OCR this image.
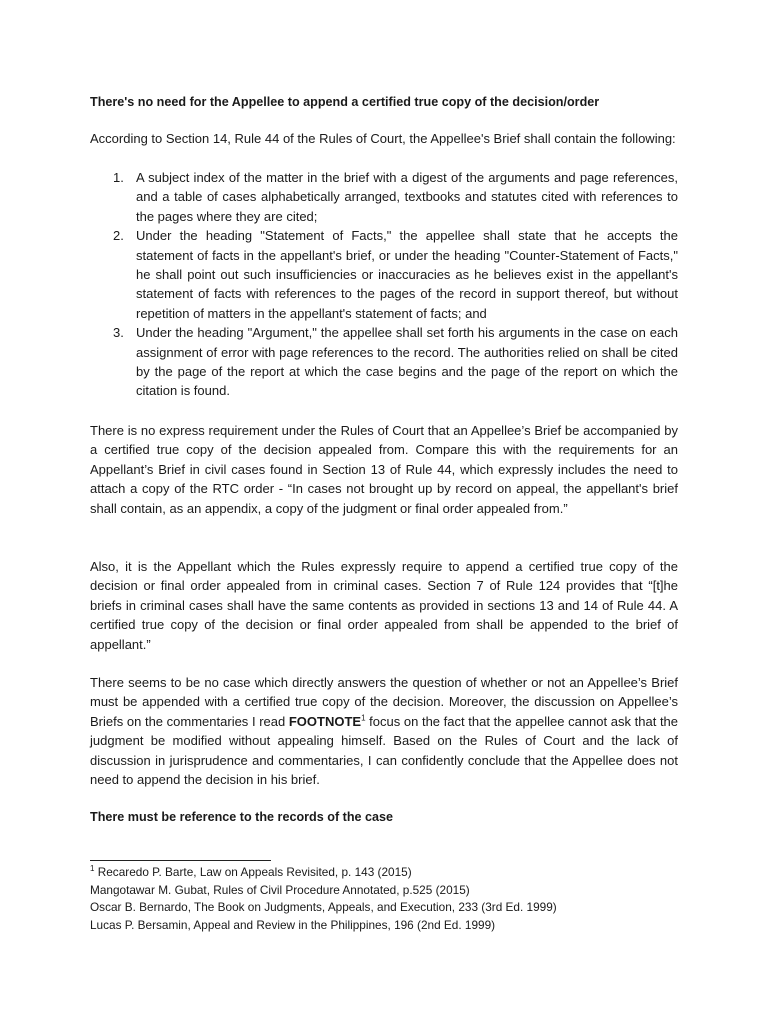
There's no need for the Appellee to append a certified true copy of the decision/order

According to Section 14, Rule 44 of the Rules of Court, the Appellee's Brief shall contain the following:

1. A subject index of the matter in the brief with a digest of the arguments and page references, and a table of cases alphabetically arranged, textbooks and statutes cited with references to the pages where they are cited;
2. Under the heading "Statement of Facts," the appellee shall state that he accepts the statement of facts in the appellant's brief, or under the heading "Counter-Statement of Facts," he shall point out such insufficiencies or inaccuracies as he believes exist in the appellant's statement of facts with references to the pages of the record in support thereof, but without repetition of matters in the appellant's statement of facts; and
3. Under the heading "Argument," the appellee shall set forth his arguments in the case on each assignment of error with page references to the record. The authorities relied on shall be cited by the page of the report at which the case begins and the page of the report on which the citation is found.

There is no express requirement under the Rules of Court that an Appellee’s Brief be accompanied by a certified true copy of the decision appealed from. Compare this with the requirements for an Appellant’s Brief in civil cases found in Section 13 of Rule 44, which expressly includes the need to attach a copy of the RTC order - “In cases not brought up by record on appeal, the appellant's brief shall contain, as an appendix, a copy of the judgment or final order appealed from.”

Also, it is the Appellant which the Rules expressly require to append a certified true copy of the decision or final order appealed from in criminal cases. Section 7 of Rule 124 provides that “[t]he briefs in criminal cases shall have the same contents as provided in sections 13 and 14 of Rule 44. A certified true copy of the decision or final order appealed from shall be appended to the brief of appellant.”

There seems to be no case which directly answers the question of whether or not an Appellee’s Brief must be appended with a certified true copy of the decision. Moreover, the discussion on Appellee’s Briefs on the commentaries I read FOOTNOTE$^1$ focus on the fact that the appellee cannot ask that the judgment be modified without appealing himself. Based on the Rules of Court and the lack of discussion in jurisprudence and commentaries, I can confidently conclude that the Appellee does not need to append the decision in his brief.

There must be reference to the records of the case
$^1$ Recaredo P. Barte, Law on Appeals Revisited, p. 143 (2015)
Mangotawar M. Gubat, Rules of Civil Procedure Annotated, p.525 (2015)
Oscar B. Bernardo, The Book on Judgments, Appeals, and Execution, 233 (3rd Ed. 1999)
Lucas P. Bersamin, Appeal and Review in the Philippines, 196 (2nd Ed. 1999)
